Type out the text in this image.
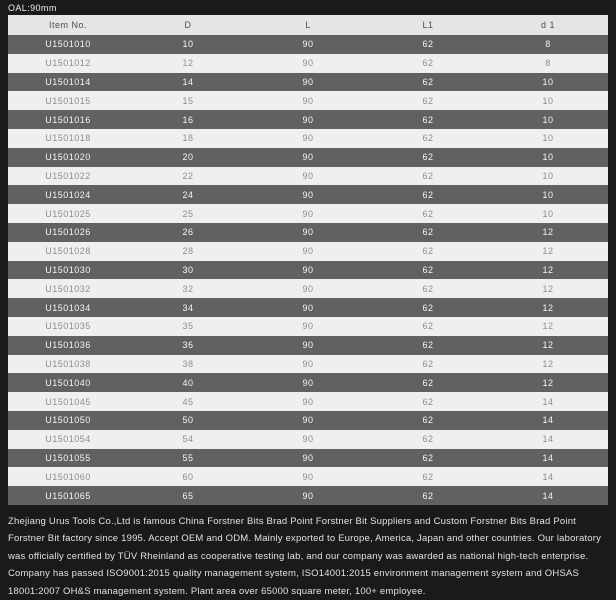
OAL:90mm
Item No.	D	L	L1	d 1
U1501010	10	90	62	8
U1501012	12	90	62	8
U1501014	14	90	62	10
U1501015	15	90	62	10
U1501016	16	90	62	10
U1501018	18	90	62	10
U1501020	20	90	62	10
U1501022	22	90	62	10
U1501024	24	90	62	10
U1501025	25	90	62	10
U1501026	26	90	62	12
U1501028	28	90	62	12
U1501030	30	90	62	12
U1501032	32	90	62	12
U1501034	34	90	62	12
U1501035	35	90	62	12
U1501036	36	90	62	12
U1501038	38	90	62	12
U1501040	40	90	62	12
U1501045	45	90	62	14
U1501050	50	90	62	14
U1501054	54	90	62	14
U1501055	55	90	62	14
U1501060	60	90	62	14
U1501065	65	90	62	14

Zhejiang Urus Tools Co.,Ltd is famous China Forstner Bits Brad Point Forstner Bit Suppliers and Custom Forstner Bits Brad Point Forstner Bit factory since 1995. Accept OEM and ODM. Mainly exported to Europe, America, Japan and other countries. Our laboratory was officially certified by TÜV Rheinland as cooperative testing lab, and our company was awarded as national high-tech enterprise. Company has passed ISO9001:2015 quality management system, ISO14001:2015 environment management system and OHSAS 18001:2007 OH&S management system. Plant area over 65000 square meter, 100+ employee.
